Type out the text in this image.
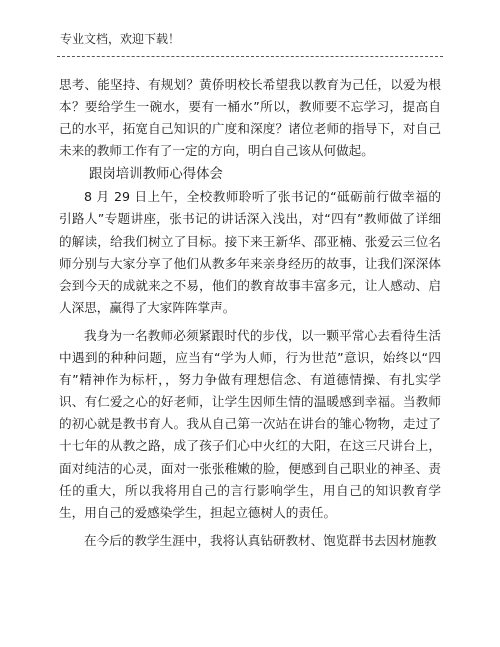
专业文档，欢迎下载！

思考、能坚持、有规划？黄侨明校长希望我以教育为己任，以爱为根本？要给学生一碗水，要有一桶水”所以，教师要不忘学习，提高自己的水平，拓宽自己知识的广度和深度？诸位老师的指导下，对自己未来的教师工作有了一定的方向，明白自己该从何做起。

跟岗培训教师心得体会

8 月 29 日上午，全校教师聆听了张书记的“砥砺前行做幸福的引路人”专题讲座，张书记的讲话深入浅出，对“四有”教师做了详细的解读，给我们树立了目标。接下来王新华、邵亚楠、张爱云三位名师分别与大家分享了他们从教多年来亲身经历的故事，让我们深深体会到今天的成就来之不易，他们的教育故事丰富多元，让人感动、启人深思，赢得了大家阵阵掌声。

我身为一名教师必须紧跟时代的步伐，以一颗平常心去看待生活中遇到的种种问题，应当有“学为人师，行为世范”意识，始终以“四有”精神作为标杆，，努力争做有理想信念、有道德情操、有扎实学识、有仁爱之心的好老师，让学生因师生情的温暖感到幸福。当教师的初心就是教书育人。我从自己第一次站在讲台的雏心物物，走过了十七年的从教之路，成了孩子们心中火红的大阳，在这三尺讲台上，面对纯洁的心灵，面对一张张稚嫩的脸，便感到自己职业的神圣、责任的重大，所以我将用自己的言行影响学生，用自己的知识教育学生，用自己的爱感染学生，担起立德树人的责任。

在今后的教学生涯中，我将认真钻研教材、饱览群书去因材施教
